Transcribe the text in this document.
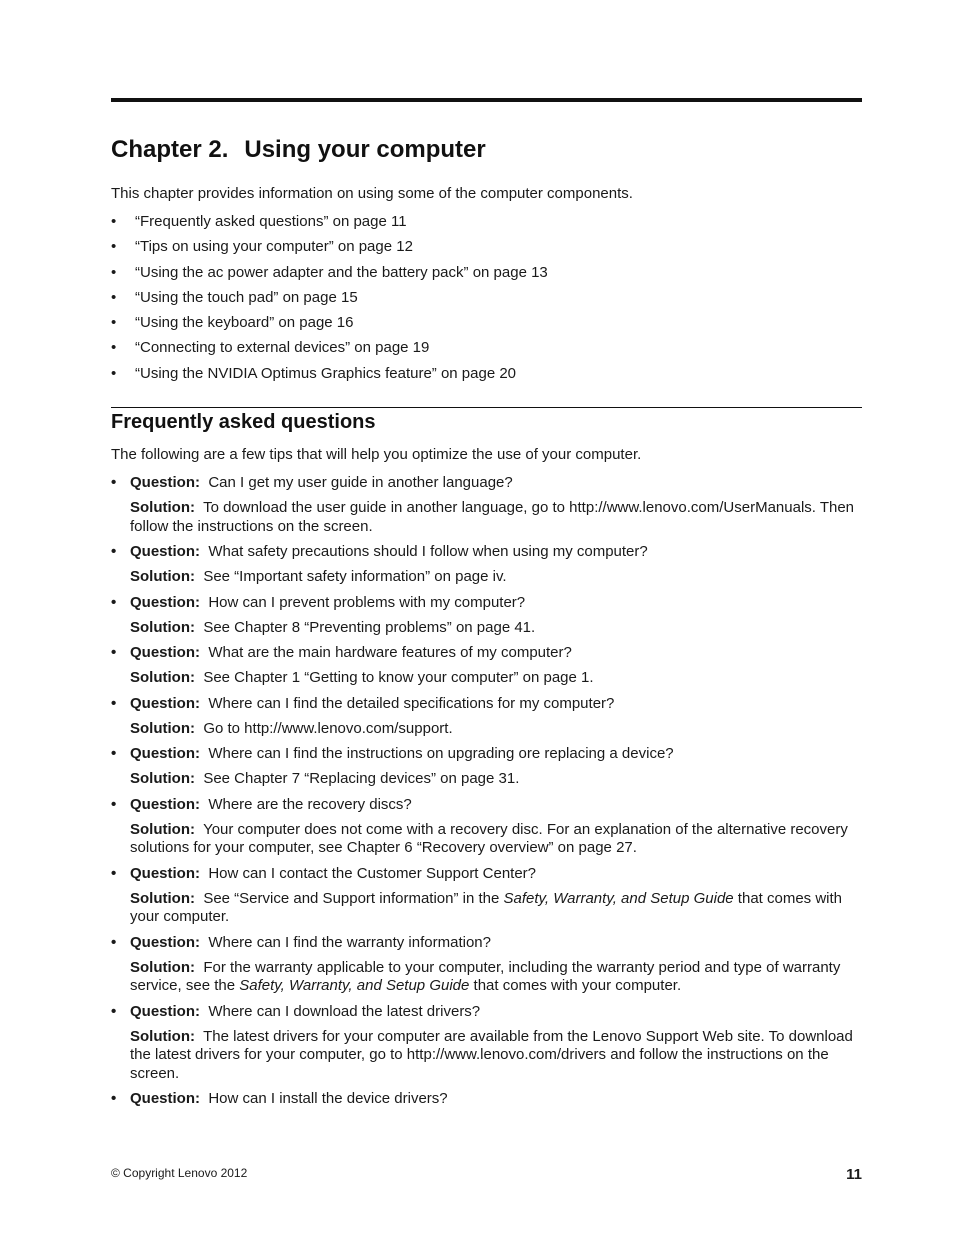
Chapter 2. Using your computer

This chapter provides information on using some of the computer components.

• “Frequently asked questions” on page 11
• “Tips on using your computer” on page 12
• “Using the ac power adapter and the battery pack” on page 13
• “Using the touch pad” on page 15
• “Using the keyboard” on page 16
• “Connecting to external devices” on page 19
• “Using the NVIDIA Optimus Graphics feature” on page 20
Frequently asked questions

The following are a few tips that will help you optimize the use of your computer.

• Question: Can I get my user guide in another language?
Solution: To download the user guide in another language, go to http://www.lenovo.com/UserManuals. Then follow the instructions on the screen.
• Question: What safety precautions should I follow when using my computer?
Solution: See “Important safety information” on page iv.
• Question: How can I prevent problems with my computer?
Solution: See Chapter 8 “Preventing problems” on page 41.
• Question: What are the main hardware features of my computer?
Solution: See Chapter 1 “Getting to know your computer” on page 1.
• Question: Where can I find the detailed specifications for my computer?
Solution: Go to http://www.lenovo.com/support.
• Question: Where can I find the instructions on upgrading ore replacing a device?
Solution: See Chapter 7 “Replacing devices” on page 31.
• Question: Where are the recovery discs?
Solution: Your computer does not come with a recovery disc. For an explanation of the alternative recovery solutions for your computer, see Chapter 6 “Recovery overview” on page 27.
• Question: How can I contact the Customer Support Center?
Solution: See “Service and Support information” in the Safety, Warranty, and Setup Guide that comes with your computer.
• Question: Where can I find the warranty information?
Solution: For the warranty applicable to your computer, including the warranty period and type of warranty service, see the Safety, Warranty, and Setup Guide that comes with your computer.
• Question: Where can I download the latest drivers?
Solution: The latest drivers for your computer are available from the Lenovo Support Web site. To download the latest drivers for your computer, go to http://www.lenovo.com/drivers and follow the instructions on the screen.
• Question: How can I install the device drivers?
© Copyright Lenovo 2012	11
